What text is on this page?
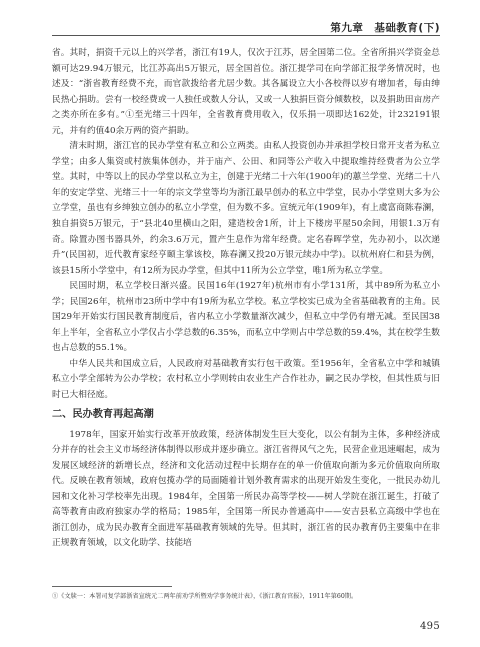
第九章　基础教育(下)

省。其时，捐资千元以上的兴学者，浙江有19人，仅次于江苏，居全国第二位。全省所捐兴学资金总额可达29.94万银元，比江苏高出5万银元，居全国首位。浙江提学司在向学部汇报学务情况时，也述及：“浙省教育经费不充，而官款拨给者尤居少数。其各属设立大小各校得以岁有增加者，每由绅民热心捐助。尝有一校经费或一人独任或数人分认，又或一人独捐巨资分倾数校，以及捐助田亩房产之类亦所在多有。”①至光绪三十四年，全省教育费用收入，仅乐捐一项即达162处，计232191银元，并有约值40余万两的资产捐助。

清末时期，浙江官的民办学堂有私立和公立两类。由私人投资创办并承担学校日常开支者为私立学堂；由多人集资或村族集体创办，并于庙产、公田、和同等公产收入中提取维持经费者为公立学堂。其时，中等以上的民办学堂以私立为主，创建于光绪二十六年(1900年)的蕙兰学堂、光绪二十八年的安定学堂、光绪三十一年的宗文学堂等均为浙江最早创办的私立中学堂，民办小学堂则大多为公立学堂，虽也有乡绅独立创办的私立小学堂，但为数不多。宣统元年(1909年)，有上虞富商陈春澜，独自捐资5万银元，于“县北40里横山之阳，建造校舍1所，计上下楼房平屋50余间，用银1.3万有奇。除置办图书器具外，约余3.6万元，置产生息作为常年经费。定名春晖学堂，先办初小，以次递升”(民国初，近代教育家经亨颐主掌该校，陈春澜又投20万银元续办中学)。以杭州府仁和县为例，该县15所小学堂中，有12所为民办学堂，但其中11所为公立学堂，唯1所为私立学堂。

民国时期，私立学校日渐兴盛。民国16年(1927年)杭州市有小学131所，其中89所为私立小学；民国26年，杭州市23所中学中有19所为私立学校。私立学校实已成为全省基础教育的主角。民国29年开始实行国民教育制度后，省内私立小学数量渐次减少，但私立中学仍有增无减。至民国38年上半年，全省私立小学仅占小学总数的6.35%，而私立中学则占中学总数的59.4%，其在校学生数也占总数的55.1%。

中华人民共和国成立后，人民政府对基础教育实行包干政策。至1956年，全省私立中学和城镇私立小学全部转为公办学校；农村私立小学则转由农业生产合作社办，嗣之民办学校，但其性质与旧时已大相径庭。

二、民办教育再起高潮

1978年，国家开始实行改革开放政策，经济体制发生巨大变化，以公有制为主体，多种经济成分并存的社会主义市场经济体制得以形成并逐步确立。浙江省得风气之先，民营企业迅速崛起，成为发展区域经济的新增长点，经济和文化活动过程中长期存在的单一价值取向渐为多元价值取向所取代。反映在教育领域，政府包揽办学的局面随着计划外教育需求的出现开始发生变化，一批民办幼儿园和文化补习学校率先出现。1984年，全国第一所民办高等学校——树人学院在浙江诞生，打破了高等教育由政府独家办学的格局；1985年，全国第一所民办普通高中——安吉县私立高级中学也在浙江创办，成为民办教育全面进军基础教育领域的先导。但其时，浙江省的民办教育仍主要集中在非正规教育领域，以文化助学、技能培

①《文牍一：本署司复学部浙省宣统元二两年前劝学所暨劝学事务统计表》，《浙江教育官报》，1911年第60期。
495
